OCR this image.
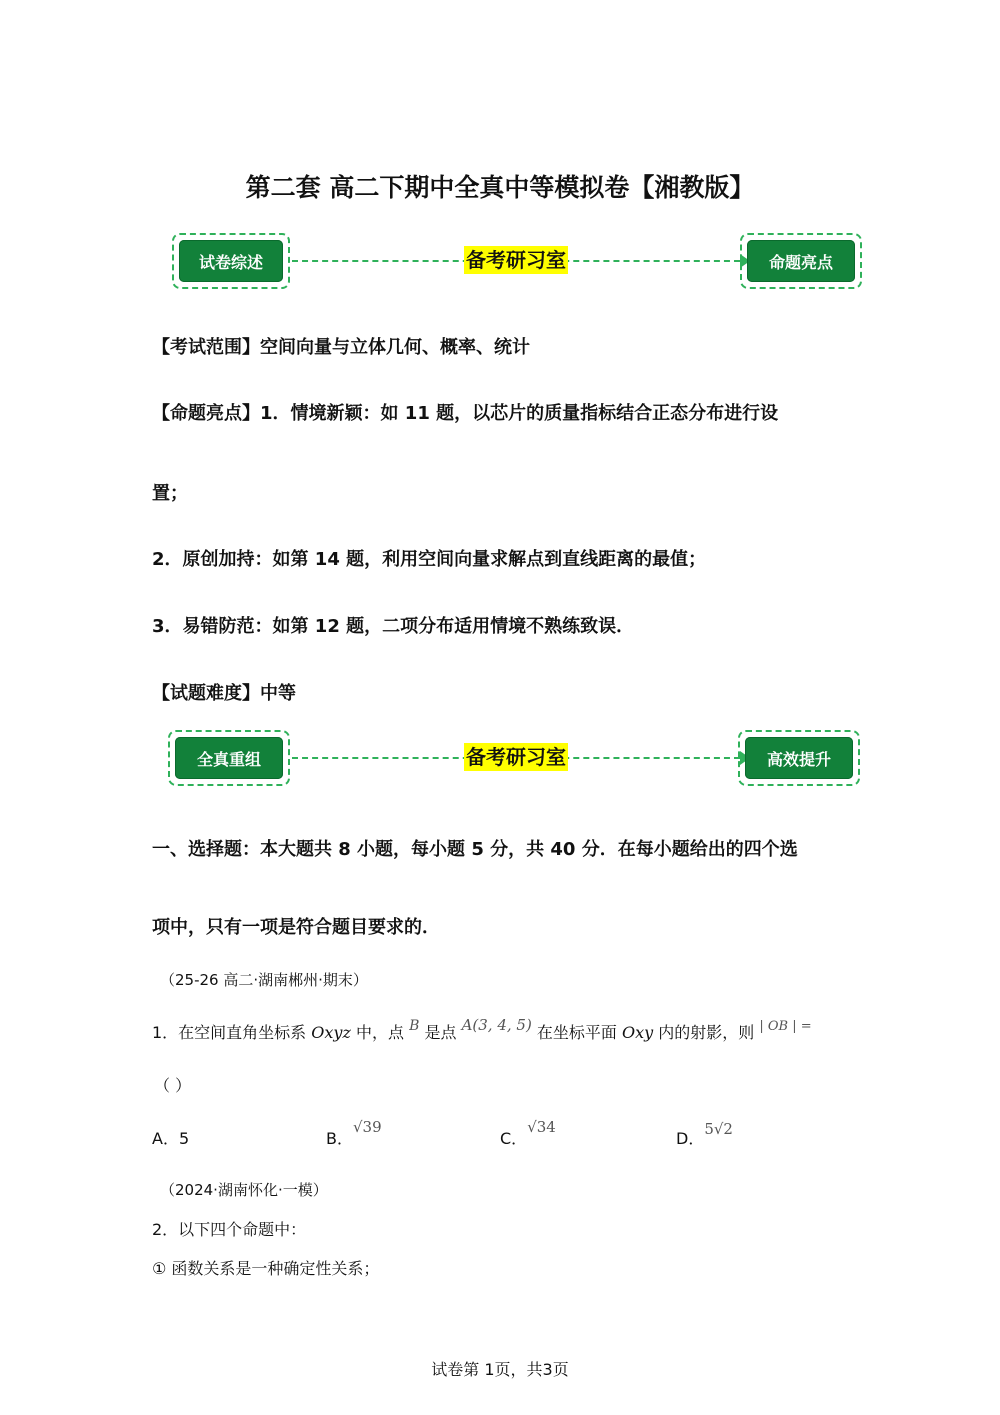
第二套 高二下期中全真中等模拟卷【湘教版】
试卷综述	备考研习室	命题亮点
【考试范围】空间向量与立体几何、概率、统计
【命题亮点】1．情境新颖：如 11 题，以芯片的质量指标结合正态分布进行设
置；
2．原创加持：如第 14 题，利用空间向量求解点到直线距离的最值；
3．易错防范：如第 12 题，二项分布适用情境不熟练致误．
【试题难度】中等
全真重组	备考研习室	高效提升
一、选择题：本大题共 8 小题，每小题 5 分，共 40 分．在每小题给出的四个选
项中，只有一项是符合题目要求的．
（25-26 高二·湖南郴州·期末）
1．在空间直角坐标系 Oxyz 中，点 B 是点 A(3, 4, 5) 在坐标平面 Oxy 内的射影，则 $^{| OB | =}$
（ ）
A．5	B．√39
C．√34
D．5√2
（2024·湖南怀化·一模）
2．以下四个命题中：
① 函数关系是一种确定性关系；
试卷第 1页，共3页
